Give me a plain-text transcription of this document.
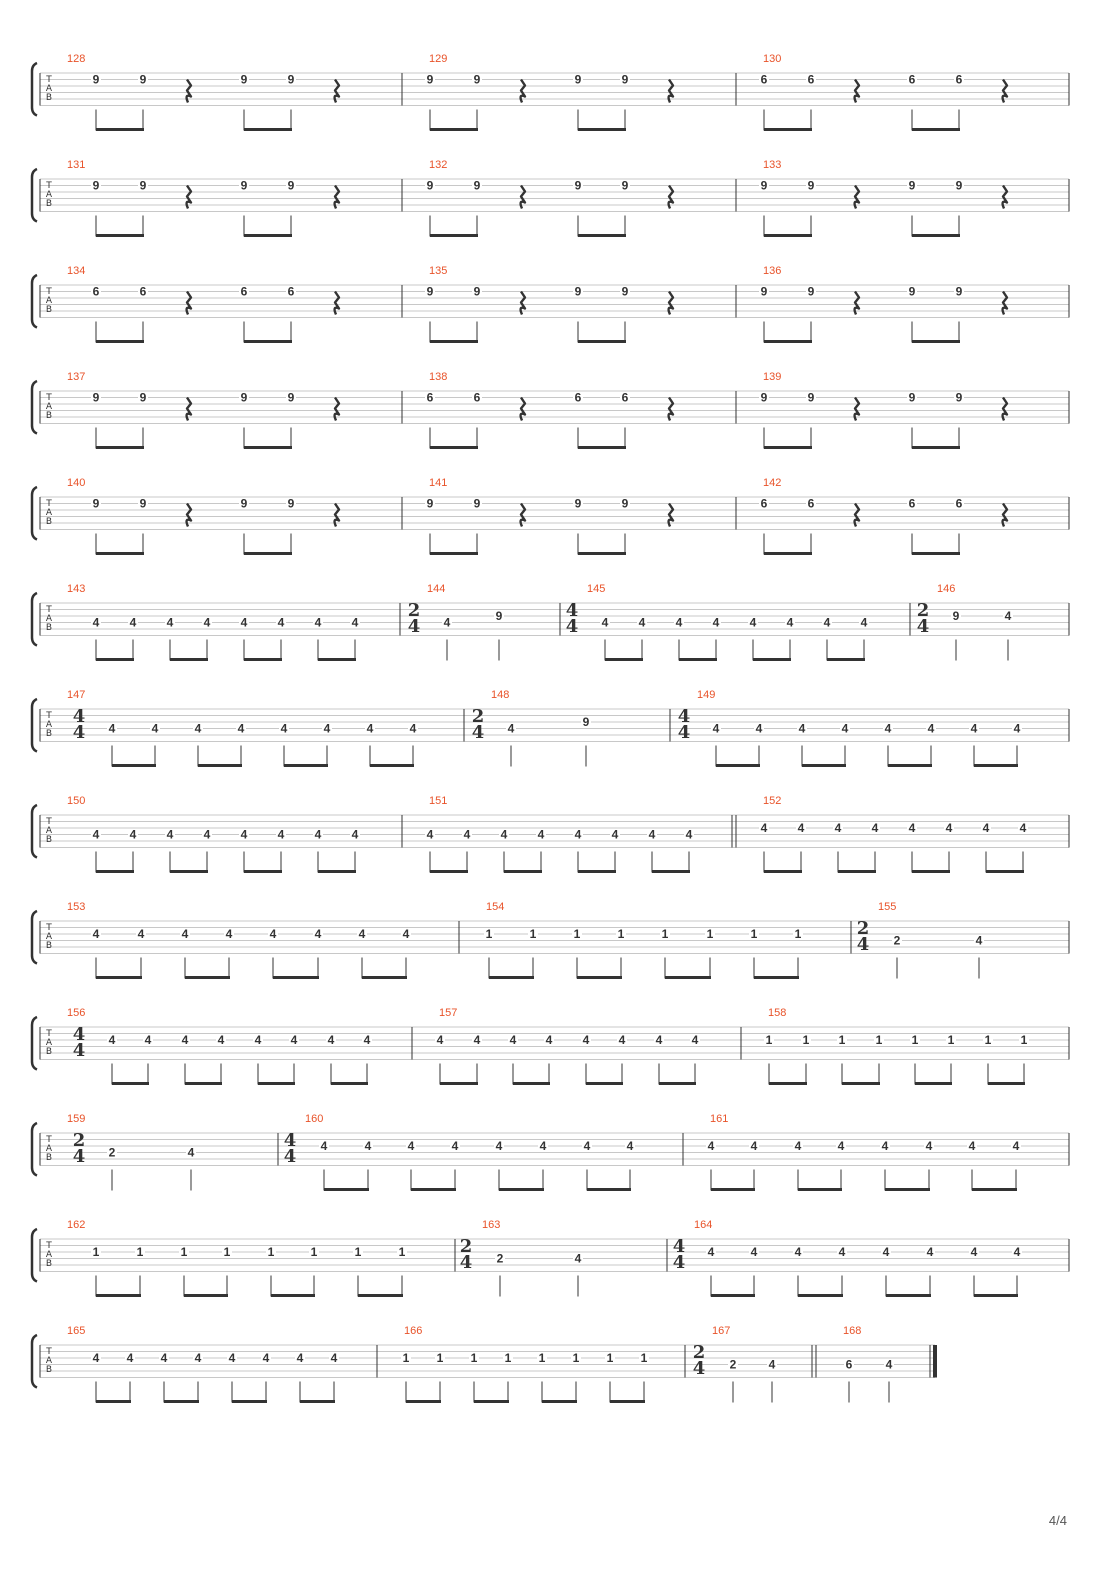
T
A
B
128
9	9	9	9
129
9	9	9	9
130
6	6	6	6
T
A
B
131
9	9	9	9
132
9	9	9	9
133
9	9	9	9
T
A
B
134
6	6	6	6
135
9	9	9	9
136
9	9	9	9
T
A
B
137
9	9	9	9
138
6	6	6	6
139
9	9	9	9
T
A
B
140
9	9	9	9
141
9	9	9	9
142
6	6	6	6
T
A
B
143
4	4	4	4	4	4	4	4
144
2
4 4	9
145
4
4 4	4	4	4	4	4	4	4
146
2
4 9	4
T
A
B
147
4
4 4	4	4	4	4	4	4	4
148
2
4 4	9
149
4
4 4	4	4	4	4	4	4	4
T
A
B
150
4	4	4	4	4	4	4	4
151
4	4	4	4	4	4	4	4
152
4	4	4	4	4	4	4	4
T
A
B
153
4	4	4	4	4	4	4	4
154
1	1	1	1	1	1	1	1
155
2
4 2	4
T
A
B
156
4
4 4 4	4 4	4 4	4 4
157
4	4 4 4	4 4	4 4
158
1	1 1	1 1 1	1 1
T
A
B
159
2
4 2	4
160
4
4 4	4	4	4	4	4	4	4
161
4	4	4	4	4	4	4	4
T
A
B
162
1	1	1	1	1	1	1	1
163
2
4 2	4
164
4
4 4	4	4	4	4	4	4	4
T
A
B
165
4 4 4 4 4 4 4 4
166
1 1 1 1 1 1 1 1
167
2
4 2	4
168
6	4
4/4
